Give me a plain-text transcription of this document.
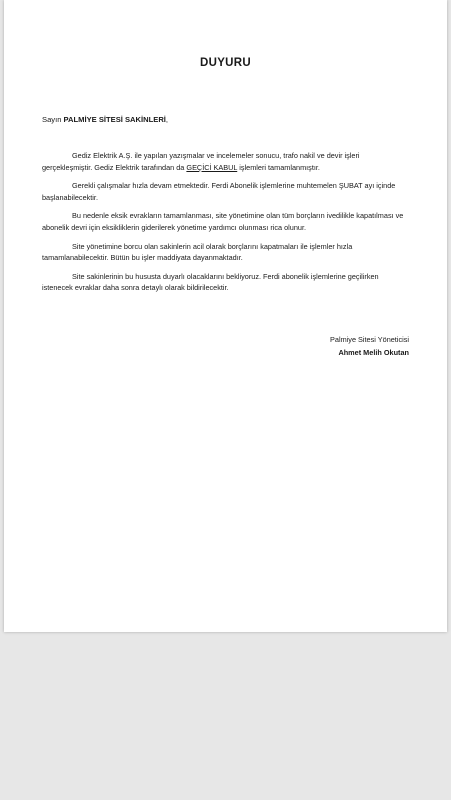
DUYURU
Sayın PALMİYE SİTESİ SAKİNLERİ,

Gediz Elektrik A.Ş. ile yapılan yazışmalar ve incelemeler sonucu, trafo nakil ve devir işleri gerçekleşmiştir. Gediz Elektrik tarafından da GEÇİCİ KABUL işlemleri tamamlanmıştır.

Gerekli çalışmalar hızla devam etmektedir. Ferdi Abonelik işlemlerine muhtemelen ŞUBAT ayı içinde başlanabilecektir.

Bu nedenle eksik evrakların tamamlanması, site yönetimine olan tüm borçların ivedilikle kapatılması ve abonelik devri için eksikliklerin giderilerek yönetime yardımcı olunması rica olunur.

Site yönetimine borcu olan sakinlerin acil olarak borçlarını kapatmaları ile işlemler hızla tamamlanabilecektir. Bütün bu işler maddiyata dayanmaktadır.

Site sakinlerinin bu hususta duyarlı olacaklarını bekliyoruz. Ferdi abonelik işlemlerine geçilirken istenecek evraklar daha sonra detaylı olarak bildirilecektir.

Palmiye Sitesi Yöneticisi
Ahmet Melih Okutan
